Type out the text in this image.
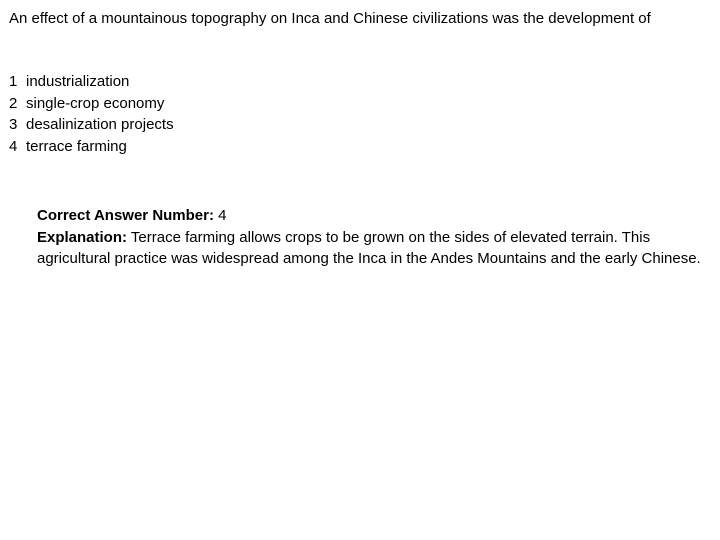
An effect of a mountainous topography on Inca and Chinese civilizations was the development of

1 industrialization
2 single-crop economy
3 desalinization projects
4 terrace farming

Correct Answer Number: 4

Explanation: Terrace farming allows crops to be grown on the sides of elevated terrain. This agricultural practice was widespread among the Inca in the Andes Mountains and the early Chinese.
